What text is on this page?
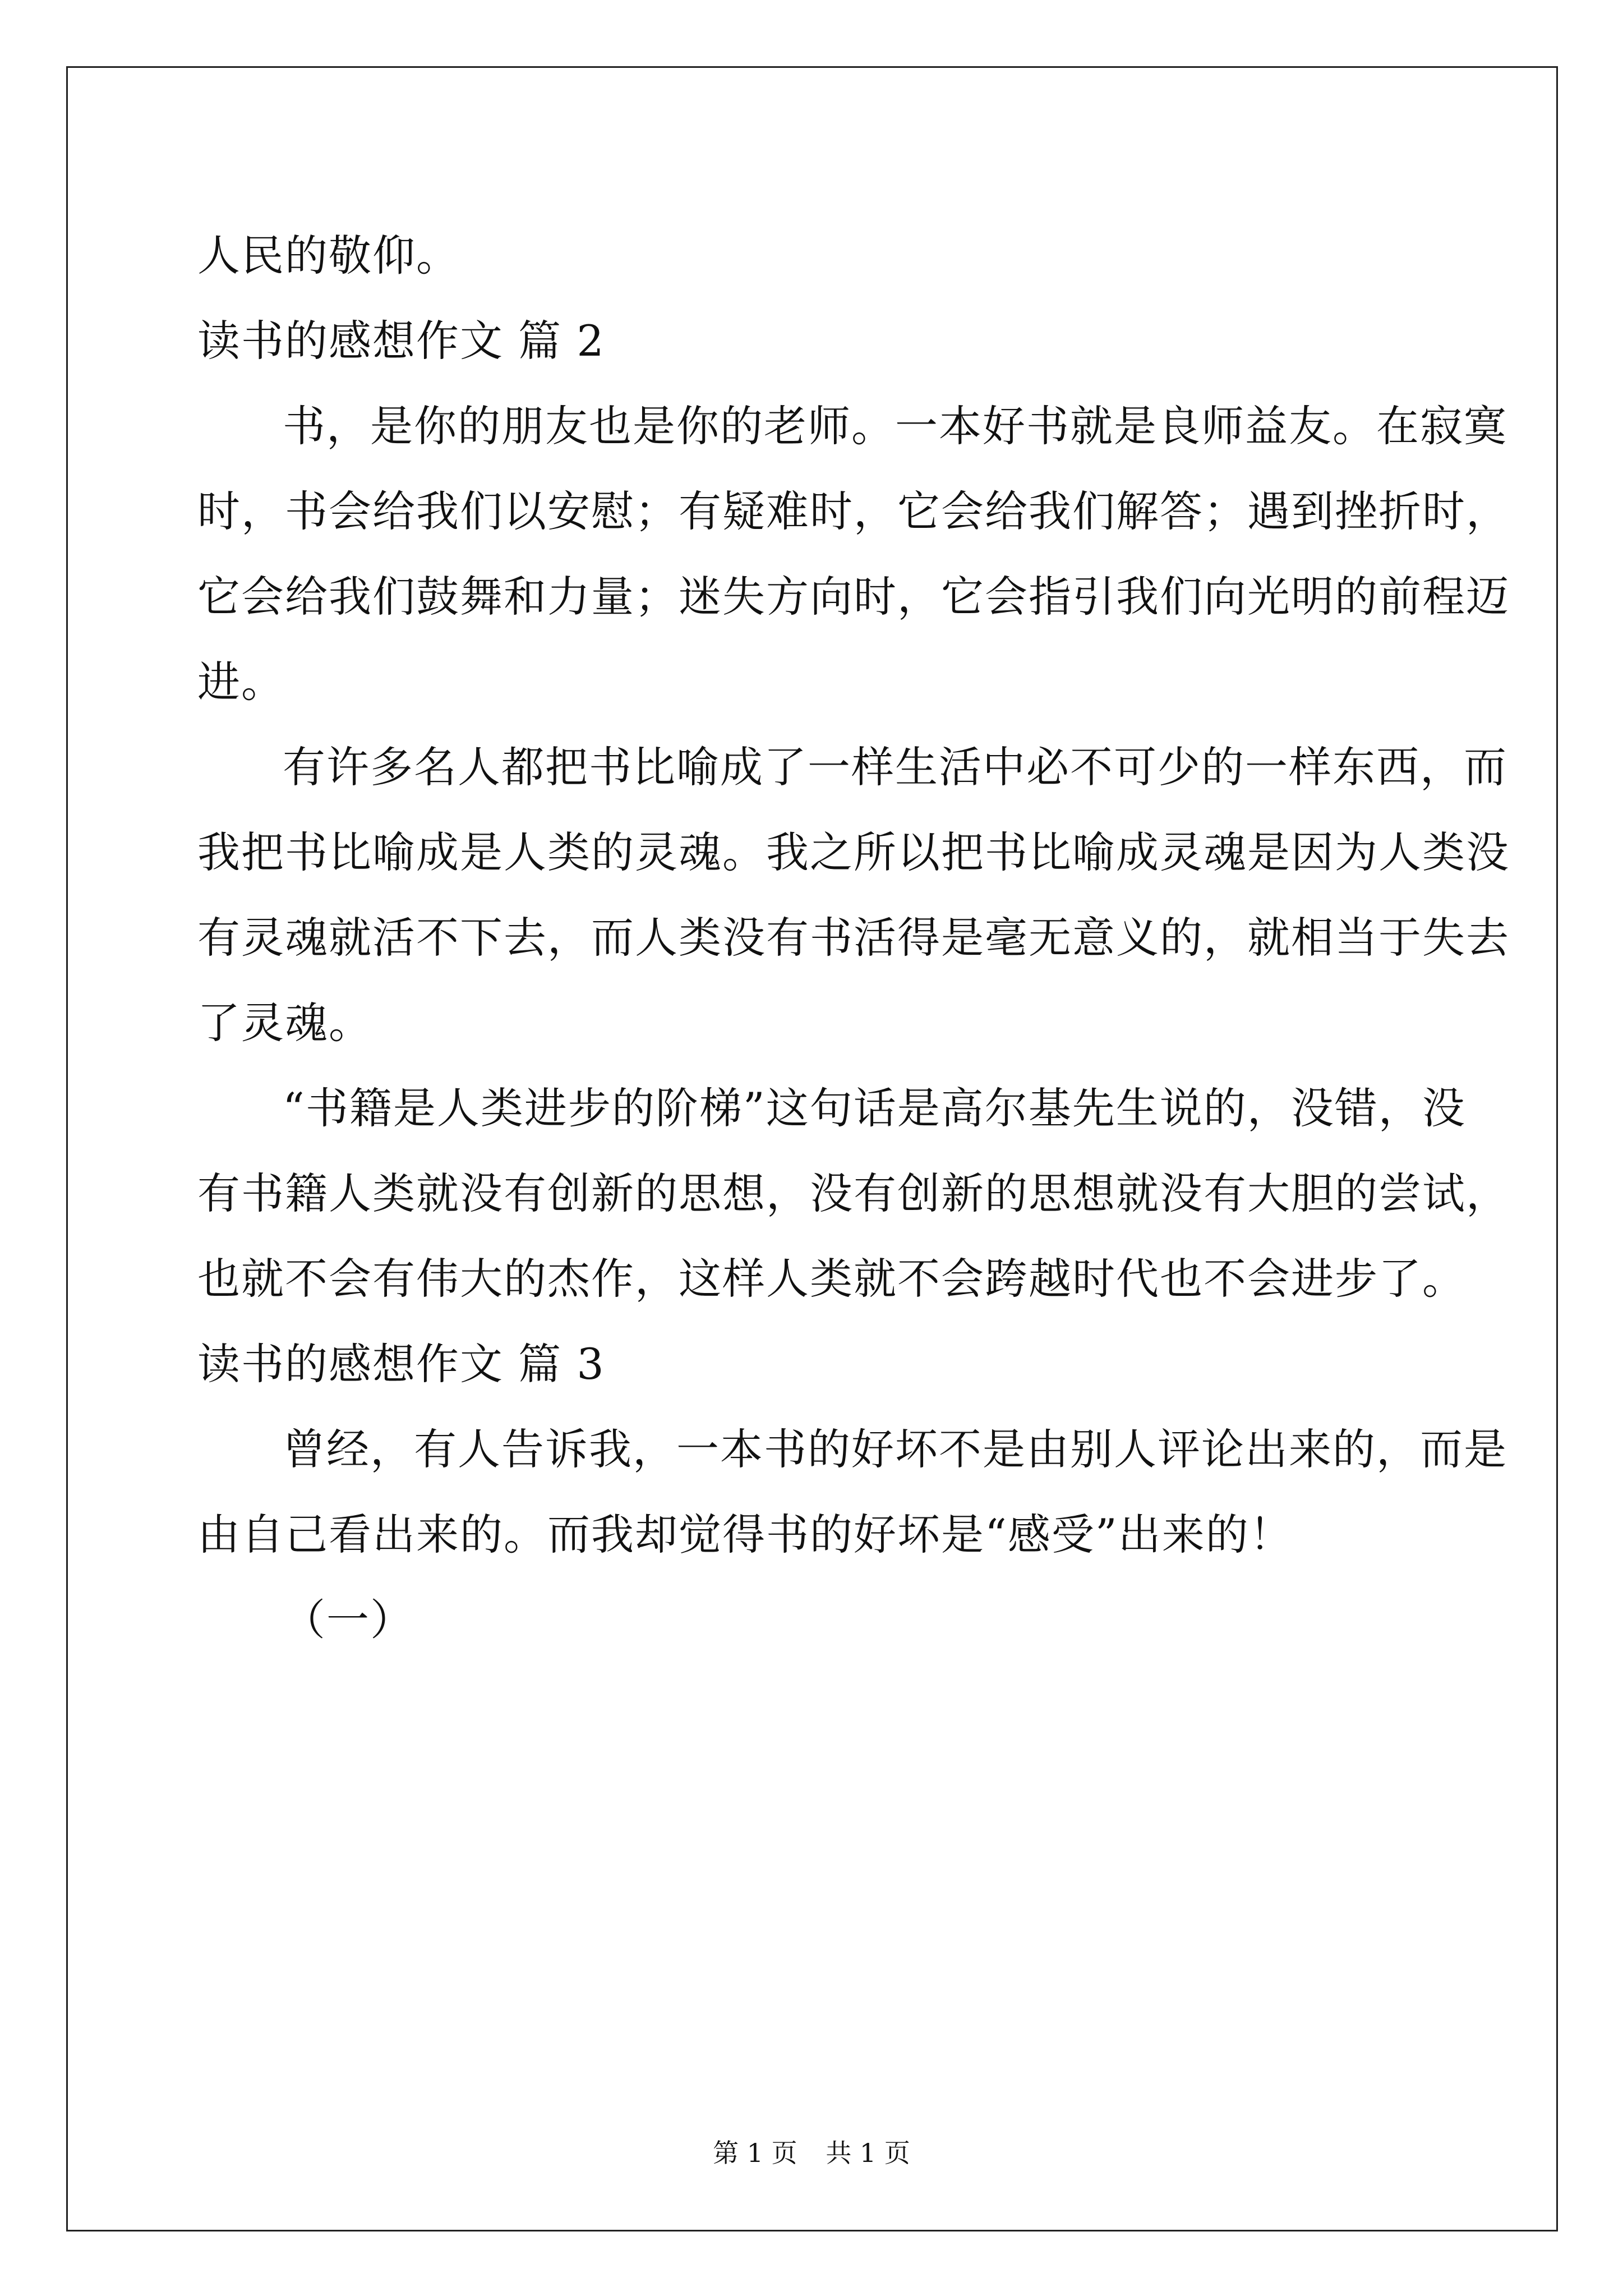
人民的敬仰。
读书的感想作文 篇 2
书，是你的朋友也是你的老师。一本好书就是良师益友。在寂寞
时，书会给我们以安慰；有疑难时，它会给我们解答；遇到挫折时，
它会给我们鼓舞和力量；迷失方向时，它会指引我们向光明的前程迈
进。
有许多名人都把书比喻成了一样生活中必不可少的一样东西，而
我把书比喻成是人类的灵魂。我之所以把书比喻成灵魂是因为人类没
有灵魂就活不下去，而人类没有书活得是毫无意义的，就相当于失去
了灵魂。
“书籍是人类进步的阶梯”这句话是高尔基先生说的，没错，没
有书籍人类就没有创新的思想，没有创新的思想就没有大胆的尝试，
也就不会有伟大的杰作，这样人类就不会跨越时代也不会进步了。
读书的感想作文 篇 3
曾经，有人告诉我，一本书的好坏不是由别人评论出来的，而是
由自己看出来的。而我却觉得书的好坏是“感受”出来的！
（一）
第 1 页 共 1 页
